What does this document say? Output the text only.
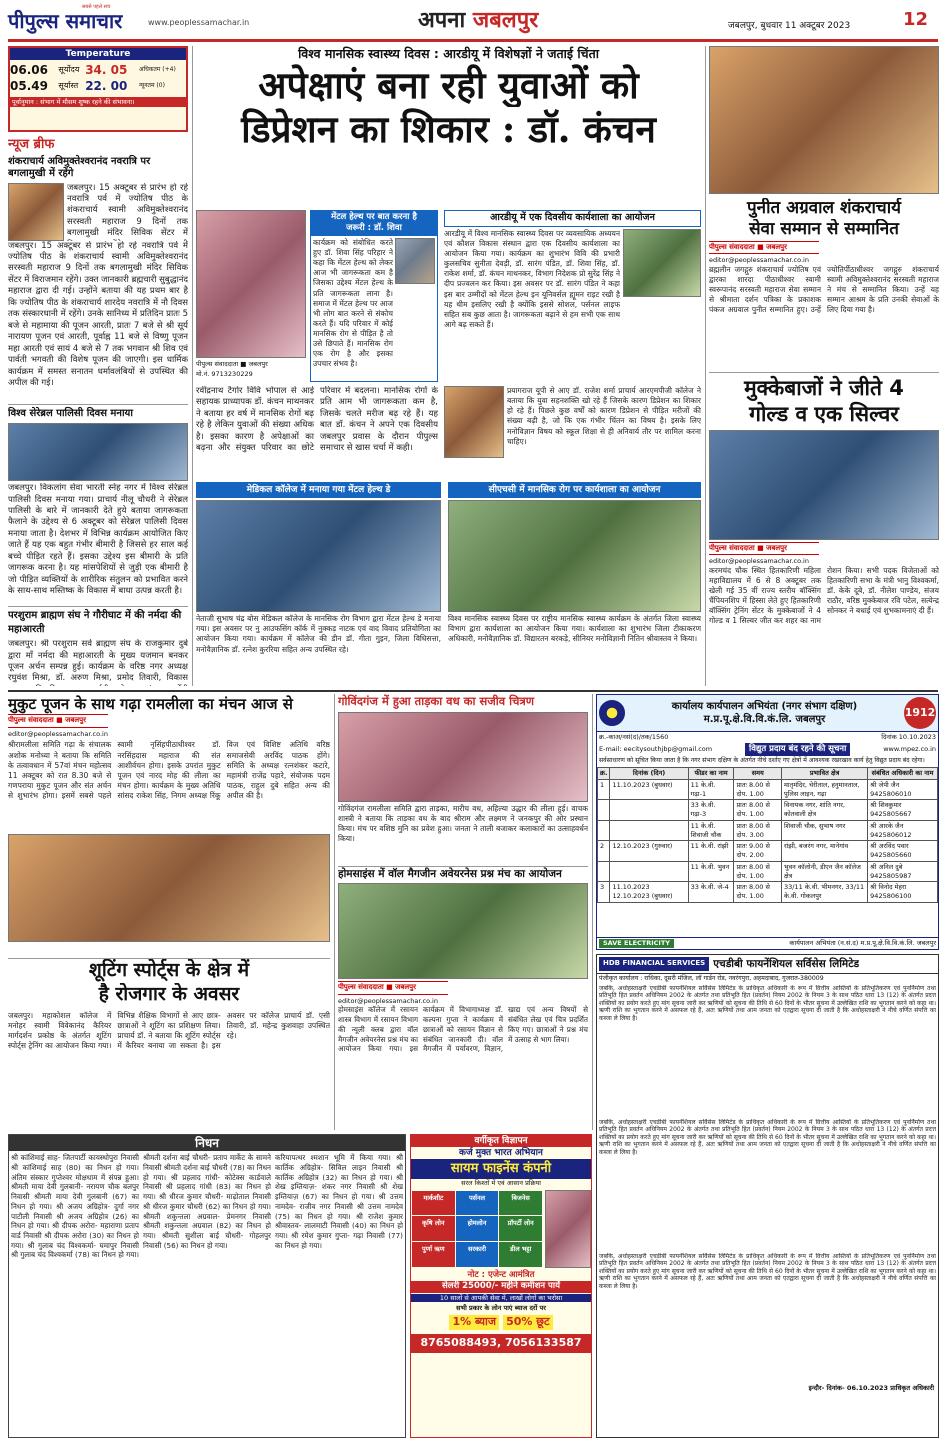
पीपुल्स समाचार
सबसे पहले सच
www.peoplessamachar.in	अपना जबलपुर	जबलपुर, बुधवार 11 अक्टूबर 2023	12
Temperature
06.06	सूर्योदय	34. 05	अधिकतम (+4)
05.49	सूर्यास्त	22. 00	न्यूनतम (0)
पूर्वानुमान : संभाग में मौसम शुष्क रहने की संभावना।
न्यूज ब्रीफ
शंकराचार्य अविमुक्तेश्वरानंद नवरात्रि पर बगलामुखी में रहेंगे
जबलपुर। 15 अक्टूबर से प्रारंभ हो रहे नवरात्रि पर्व में ज्योतिष पीठ के शंकराचार्य स्वामी अविमुक्तेश्वरानंद सरस्वती महाराज 9 दिनों तक बगलामुखी मंदिर सिविक सेंटर में
जबलपुर। 15 अक्टूबर से प्रारंभ हो रहे नवरात्रि पर्व में ज्योतिष पीठ के शंकराचार्य स्वामी अविमुक्तेश्वरानंद सरस्वती महाराज 9 दिनों तक बगलामुखी मंदिर सिविक सेंटर में विराजमान रहेंगे। उक्त जानकारी ब्रह्मचारी सुबुद्धानंद महाराज द्वारा दी गई। उन्होंने बताया की यह प्रथम बार है कि ज्योतिष पीठ के शंकराचार्य शारदेय नवरात्रि में नौ दिवस तक संस्कारधानी में रहेंगे। उनके सानिध्य में प्रतिदिन प्रातः 5 बजे से महामाया की पूजन आरती, प्रातः 7 बजे से श्री सूर्य नारायण पूजन एवं आरती, पूर्वाह्न 11 बजे से विष्णु पूजन महा आरती एवं सायं 4 बजे से 7 तक भगवान श्री शिव एवं पार्वती भगवती की विशेष पूजन की जाएगी। इस धार्मिक कार्यक्रम में समस्त सनातन धर्मावलंबियों से उपस्थित की अपील की गई।
विश्व सेरेब्रल पालिसी दिवस मनाया
जबलपुर। विकलांग सेवा भारती स्नेह नगर में विश्व सेरेब्रल पालिसी दिवस मनाया गया। प्राचार्य नीलू चौधरी ने सेरेब्रल पालिसी के बारे में जानकारी देते हुये बताया जागरूकता फैलाने के उद्देश्य से 6 अक्टूबर को सेरेब्रल पालिसी दिवस मनाया जाता है। देशभर में विभिन्न कार्यक्रम आयोजित किए जाते हैं यह एक बहुत गंभीर बीमारी है जिससे हर साल कई बच्चे पीड़ित रहते हैं। इसका उद्देश्य इस बीमारी के प्रति जागरूक करना है। यह मांसपेशियों से जुड़ी एक बीमारी है जो पीड़ित व्यक्तियों के शारीरिक संतुलन को प्रभावित करने के साथ-साथ मस्तिष्क के विकास में बाधा उत्पन्न करती है।
परशुराम ब्राह्मण संघ ने गौरीघाट में की नर्मदा की महाआरती
जबलपुर। श्री परशुराम सर्व ब्राह्मण संघ के राजकुमार दुबे द्वारा माँ नर्मदा की महाआरती के मुख्य यजमान बनकर पूजन अर्चन सम्पन्न हुई। कार्यक्रम के वरिष्ठ नगर अध्यक्ष रघुवंश मिश्रा, डॉ. अरुण मिश्रा, प्रमोद तिवारी, विकास
विश्व मानसिक स्वास्थ्य दिवस : आरडीयू में विशेषज्ञों ने जताई चिंता
अपेक्षाएं बना रही युवाओं को
डिप्रेशन का शिकार : डॉ. कंचन
पीपुल्स संवाददाता ■ जबलपुर
मो.नं. 9713230229
मेंटल हेल्थ पर बात करना है
जरूरी : डॉ. शिवा
कार्यक्रम को संबोधित करते हुए डॉ. शिवा सिंह परिहार ने कहा कि मेंटल हेल्थ को लेकर आज भी जागरूकता कम है जिसका उद्देश्य मेंटल हेल्थ के प्रति जागरूकता लाना है। समाज में मेंटल हेल्थ पर आज भी लोग बात करने से संकोच करते हैं। यदि परिवार में कोई मानसिक रोग से पीड़ित है तो उसे छिपाते हैं। मानसिक रोग एक रोग है और इसका उपचार संभव है।
रवींद्रनाथ टैगोर विवि भोपाल से आई सहायक प्राध्यापक डॉ. कंचन माथनकर ने बताया हर वर्ष में मानसिक रोगों बढ़ रहे है लेकिन युवाओं की संख्या अधिक है। इसका कारण है अपेक्षाओं का बढ़ना और संयुक्त परिवार का छोटे परिवार में बदलना। मानसिक रोगों के प्रति आम भी जागरूकता कम है, जिसके चलते मरीज बढ़ रहे हैं। यह बात डॉ. कंचन ने अपने एक दिवसीय जबलपुर प्रवास के दौरान पीपुल्स समाचार से खास चर्चा में कही।
आरडीयू में एक दिवसीय कार्यशाला का आयोजन
आरडीयू में विश्व मानसिक स्वास्थ्य दिवस पर व्यवसायिक अध्ययन एवं कौशल विकास संस्थान द्वारा एक दिवसीय कार्यशाला का आयोजन किया गया। कार्यक्रम का शुभारंभ विवि की प्रभारी कुलसचिव सुनीता देवड़ी, डॉ. सारंग पंडित, डॉ. शिवा सिंह, डॉ. राकेश शर्मा, डॉ. कंचन माथनकर, विभाग निदेशक प्रो सुरेंद्र सिंह ने दीप प्रज्वलन कर किया। इस अवसर पर डॉ. सारंग पंडित ने कहा इस बार उम्मीदों को मेंटल हेल्थ इन यूनिवर्सल ह्यूमन राइट रखी है यह थीम इसलिए रखी है क्योंकि इससे सोशल, पर्सनल लाइफ सहित सब कुछ आता है। जागरूकता बढ़ाने से हम सभी एक साथ आगे बढ़ सकते हैं।
प्रयागराज यूपी से आए डॉ. राजेश शर्मा प्राचार्य आरएमपीजी कॉलेज ने बताया कि युवा सहनशक्ति खो रहे हैं जिसके कारण डिप्रेशन का शिकार हो रहे हैं। पिछले कुछ वर्षों को कारण डिप्रेशन से पीड़ित मरीजों की संख्या बढ़ी है, जो कि एक गंभीर चिंतन का विषय है। इसके लिए मनोविज्ञान विषय को स्कूल शिक्षा से ही अनिवार्य तौर पर शामिल करना चाहिए।
मेडिकल कॉलेज में मनाया गया मेंटल हेल्थ डे
नेताजी सुभाष चंद्र बोस मेडिकल कॉलेज के मानसिक रोग विभाग द्वारा मेंटल हेल्थ डे मनाया गया। इस अवसर पर नु आउफसिंग कॉर्क में नुक्कड़ नाटक एवं वाद विवाद प्रतियोगिता का आयोजन किया गया। कार्यक्रम में कॉलेज की डीन डॉ. गीता गुइन, जिला विधिसत्ता, मनोवैज्ञानिक डॉ. रत्नेश कुररिया सहित अन्य उपस्थित रहे।
सीएचसी में मानसिक रोग पर कार्यशाला का आयोजन
विश्व मानसिक स्वास्थ्य दिवस पर राष्ट्रीय मानसिक स्वास्थ्य कार्यक्रम के अंतर्गत जिला स्वास्थ्य विभाग द्वारा कार्यशाला का आयोजन किया गया। कार्यशाला का शुभारंभ जिला टीकाकरण अधिकारी, मनोवैज्ञानिक डॉ. विद्यारतन बरकड़े, सीनियर मनोविज्ञानी नितिन श्रीवास्तव ने किया।
पुनीत अग्रवाल शंकराचार्य
सेवा सम्मान से सम्मानित
पीपुल्स संवाददाता ■ जबलपुर
editor@peoplessamachar.co.in
ब्रह्मलीन जगद्गुरु शंकराचार्य ज्योतिष एवं द्वारका शारदा पीठाधीश्वर स्वामी स्वरूपानंद सरस्वती महाराज सेवा सम्मान से श्रीमाता दर्शन पत्रिका के प्रकाशक पंकज अग्रवाल पुनीत सम्मानित हुए। उन्हें ज्योतिर्पीठाधीश्वर जगद्गुरु शंकराचार्य स्वामी अविमुक्तेश्वरानंद सरस्वती महाराज ने मंच से सम्मानित किया। उन्हें यह सम्मान आश्रम के प्रति उनकी सेवाओं के लिए दिया गया है।
मुक्केबाजों ने जीते 4
गोल्ड व एक सिल्वर
पीपुल्स संवाददाता ■ जबलपुर
editor@peoplessamachar.co.in
करमचंद चौक स्थित हितकारिणी महिला महाविद्यालय में 6 से 8 अक्टूबर तक खेली गई 35 वीं राज्य स्तरीय बॉक्सिंग चैंपियनशिप में हिस्सा लेते हुए हितकारिणी बॉक्सिंग ट्रेनिंग सेंटर के मुक्केबाजों ने 4 गोल्ड व 1 सिल्वर जीत कर शहर का नाम रोशन किया। सभी पदक विजेताओं को हितकारिणी सभा के मंत्री भानु विश्वकर्मा, डॉ. केके दूबे, डॉ. नीलेश पाण्डेय, संजय राठौर, वरिष्ठ मुक्केबाज रवि पटेल, सत्येन्द्र सोनकर ने बधाई एवं शुभकामनाएं दी हैं।
मुकुट पूजन के साथ गढ़ा रामलीला का मंचन आज से
पीपुल्स संवाददाता ■ जबलपुर
editor@peoplessamachar.co.in
श्रीरामलीला समिति गढ़ा के संचालक अशोक मनोध्या ने बताया कि समिति के तत्वावधान में 57वां मंचन महोत्सव 11 अक्टूबर को रात 8.30 बजे से गणपराया मुकुट पूजन और संत अर्चन से शुभारंभ होगा। इसमें सबसे पहले स्वामी नृसिंहपीठाधीश्वर डॉ. नरसिंहदास महाराज की संत आशीर्वचन होगा। इसके उपरांत मुकुट पूजन एवं नारद मोह की लीला का मंचन होगा। कार्यक्रम के मुख्य अतिथि सांसद राकेश सिंह, निगम अध्यक्ष रिंकू विज एवं विशिष्ट अतिथि वरिष्ठ समाजसेवी अरविंद पाठक होंगे। समिति के अध्यक्ष रत्नशंकर कटारे, महामंत्री राजेंद्र पहारे, संयोजक पदम पाठक, राहुल दुबे सहित अन्य की अपील की है।
शूटिंग स्पोर्ट्स के क्षेत्र में
है रोजगार के अवसर
जबलपुर। महाकोशल कॉलेज में मनोहर स्वामी विवेकानंद कैरियर मार्गदर्शन प्रकोष्ठ के अंतर्गत शूटिंग स्पोर्ट्स ट्रेनिंग का आयोजन किया गया। विभिन्न शैक्षिक विभागों से आए छात्र-छात्राओं ने शूटिंग का प्रशिक्षण लिया। प्राचार्य डॉ. ने बताया कि शूटिंग स्पोर्ट्स में कैरियर बनाया जा सकता है। इस अवसर पर कॉलेज प्राचार्य डॉ. एसी तिवारी, डॉ. महेन्द्र कुशवाहा उपस्थित रहे।
गोविंदगंज में हुआ ताड़का वध का सजीव चित्रण
गोविंदगंज रामलीला समिति द्वारा ताड़का, मारीच वध, अहिल्या उद्धार की लीला हुई। वाचक शास्त्री ने बताया कि ताड़का वध के बाद श्रीराम और लक्ष्मण ने जनकपुर की ओर प्रस्थान किया। मंच पर वशिष्ठ मुनि का प्रवेश हुआ। जनता ने ताली बजाकर कलाकारों का उत्साहवर्धन किया।
होमसाइंस में वॉल मैगजीन अवेयरनेस प्रश्न मंच का आयोजन
पीपुल्स संवाददाता ■ जबलपुर
editor@peoplessamachar.co.in
होमसाइंस कॉलेज में रसायन शास्त्र विभाग में रसायन विभाग की न्यूली क्लब द्वारा वॉल मैगजीन अवेयरनेस प्रश्न मंच का आयोजन किया गया। इस कार्यक्रम में विभागाध्यक्ष डॉ. कल्पना गुप्ता ने कार्यक्रम में छात्राओं को रसायन विज्ञान से संबंधित जानकारी दी। वॉल मैगजीन में पर्यावरण, विज्ञान, खाद्य एवं अन्य विषयों से संबंधित लेख एवं चित्र प्रदर्शित किए गए। छात्राओं ने प्रश्न मंच में उत्साह से भाग लिया।
कार्यालय कार्यपालन अभियंता (नगर संभाग दक्षिण)
म.प्र.पू.क्षे.वि.वि.कं.लि. जबलपुर
1912
क्र.-काअ/नसं(द)/तक/1560	दिनांक 10.10.2023
E-mail: eecitysouthjbp@gmail.com	विद्युत प्रदाय बंद रहने की सूचना	www.mpez.co.in
सर्वसाधारण को सूचित किया जाता है कि नगर संभाग दक्षिण के अंतर्गत नीचे दर्शाए गए क्षेत्रों में आवश्यक रखरखाव कार्य हेतु विद्युत प्रदाय बंद रहेगा।
क्र.	दिनांक (दिन)	फीडर का नाम	समय	प्रभावित क्षेत्र	संबंधित अधिकारी का नाम
1	11.10.2023 (बुधवार)	11 के.वी. गढ़ा-1	प्रातः 8.00 से दोप. 1.00	मातृमंदिर, चेरीताल, हनुमानताल, पुलिस लाइन, गढ़ा	श्री जेपी जैन 9425806010
		33 के.वी. गढ़ा-3	प्रातः 8.00 से दोप. 1.00	विनायक नगर, शांति नगर, कोतवाली क्षेत्र	श्री शिवकुमार 9425805667
		11 के.वी. शिवाजी चौक	प्रातः 8.00 से दोप. 3.00	शिवाजी चौक, सुभाष नगर	श्री आरके जैन 9425806012
2	12.10.2023 (गुरुवार)	11 के.वी. रांझी	प्रातः 9.00 से दोप. 2.00	रांझी, बजरंग नगर, मानेगांव	श्री अरविंद पवार 9425805660
		11 के.वी. भुवन	प्रातः 8.00 से दोप. 1.00	भुवन कॉलोनी, डीएन जैन कॉलेज क्षेत्र	श्री अनिल दुबे 9425805987
3	11.10.2023 12.10.2023 (बुधवार)	33 के.वी. जे-4	प्रातः 8.00 से दोप. 1.00	33/11 के.वी. भीमनगर, 33/11 के.वी. गोकलपुर	श्री विनोद मेहरा 9425806100
SAVE ELECTRICITY	कार्यपालन अभियंता (न.सं.द) म.प्र.पू.क्षे.वि.वि.कं.लि. जबलपुर
HDB FINANCIAL SERVICES एचडीबी फायनेंशियल सर्विसेस लिमिटेड
पंजीकृत कार्यालय : राधिका, दूसरी मंजिल, लॉ गार्डन रोड, नवरंगपुरा, अहमदाबाद, गुजरात-380009
जबकि, अधोहस्ताक्षरी एचडीबी फायनेंशियल सर्विसेस लिमिटेड के प्राधिकृत अधिकारी के रूप में वित्तीय आस्तियों के प्रतिभूतिकरण एवं पुनर्निर्माण तथा प्रतिभूति हित प्रवर्तन अधिनियम 2002 के अंतर्गत तथा प्रतिभूति हित (प्रवर्तन) नियम 2002 के नियम 3 के साथ पठित धारा 13 (12) के अंतर्गत प्रदत्त शक्तियों का प्रयोग करते हुए मांग सूचना जारी कर ऋणियों को सूचना की तिथि से 60 दिनों के भीतर सूचना में उल्लेखित राशि का भुगतान करने को कहा था। ऋणी राशि का भुगतान करने में असफल रहे हैं, अतः ऋणियों तथा आम जनता को एतद्वारा सूचना दी जाती है कि अधोहस्ताक्षरी ने नीचे वर्णित संपत्ति का कब्जा ले लिया है।
जबकि, अधोहस्ताक्षरी एचडीबी फायनेंशियल सर्विसेस लिमिटेड के प्राधिकृत अधिकारी के रूप में वित्तीय आस्तियों के प्रतिभूतिकरण एवं पुनर्निर्माण तथा प्रतिभूति हित प्रवर्तन अधिनियम 2002 के अंतर्गत तथा प्रतिभूति हित (प्रवर्तन) नियम 2002 के नियम 3 के साथ पठित धारा 13 (12) के अंतर्गत प्रदत्त शक्तियों का प्रयोग करते हुए मांग सूचना जारी कर ऋणियों को सूचना की तिथि से 60 दिनों के भीतर सूचना में उल्लेखित राशि का भुगतान करने को कहा था। ऋणी राशि का भुगतान करने में असफल रहे हैं, अतः ऋणियों तथा आम जनता को एतद्वारा सूचना दी जाती है कि अधोहस्ताक्षरी ने नीचे वर्णित संपत्ति का कब्जा ले लिया है।
जबकि, अधोहस्ताक्षरी एचडीबी फायनेंशियल सर्विसेस लिमिटेड के प्राधिकृत अधिकारी के रूप में वित्तीय आस्तियों के प्रतिभूतिकरण एवं पुनर्निर्माण तथा प्रतिभूति हित प्रवर्तन अधिनियम 2002 के अंतर्गत तथा प्रतिभूति हित (प्रवर्तन) नियम 2002 के नियम 3 के साथ पठित धारा 13 (12) के अंतर्गत प्रदत्त शक्तियों का प्रयोग करते हुए मांग सूचना जारी कर ऋणियों को सूचना की तिथि से 60 दिनों के भीतर सूचना में उल्लेखित राशि का भुगतान करने को कहा था। ऋणी राशि का भुगतान करने में असफल रहे हैं, अतः ऋणियों तथा आम जनता को एतद्वारा सूचना दी जाती है कि अधोहस्ताक्षरी ने नीचे वर्णित संपत्ति का कब्जा ले लिया है।
इन्दौर- दिनांक- 06.10.2023 प्राधिकृत अधिकारी
निधन
श्री कांशिमाई साह- जितपार्टी कायस्थोपुरा निवासी श्री कांशिमाई साह (80) का निधन हो गया। अंतिम संस्कार गुप्तेश्वर मोक्षधाम में संपन्न हुआ। श्रीमती माया देवी गुलबानी- नरायण चौक बलपुर निवासी श्रीमती माया देवी गुलबानी (67) का निधन हो गया। श्री अजय अग्रिहोत्र- दुर्गा नगर पाटौली निवासी श्री अजय अग्रिहोत्र (26) का निधन हो गया। श्री दीपक अरोरा- महाराणा प्रताप वार्ड निवासी श्री दीपक अरोरा (30) का निधन हो गया। श्री गुलाब चंद विश्वकर्मा- घमापुर निवासी श्री गुलाब चंद विश्वकर्मा (78) का निधन हो गया।
श्रीमती दर्शना बाई चौधरी- प्रताप मार्केट के सामने निवासी श्रीमती दर्शना बाई चौधरी (78) का निधन हो गया। श्री प्रहलाद गांधी- कोटेक्स कार्डवाले निवासी श्री प्रहलाद गांधी (83) का निधन हो गया। श्री धीरज कुमार चौधरी- माढ़ोताल निवासी श्री धीरज कुमार चौधरी (62) का निधन हो गया। श्रीमती शकुन्तला अग्रवाल- प्रेमनगर निवासी श्रीमती शकुन्तला अग्रवाल (82) का निधन हो गया। श्रीमती सुशीला बाई चौधरी- गोहलपुर निवासी (56) का निधन हो गया।
करियापत्थर श्मशान भूमि में किया गया। श्री कार्तिक अग्रिहोत्र- सिविल लाइन निवासी श्री कार्तिक अग्रिहोत्र (32) का निधन हो गया। श्री शेख इम्तियाज़- शंकर नगर निवासी श्री शेख इम्तियाज़ (67) का निधन हो गया। श्री उत्तम नामदेव- राजीव नगर निवासी श्री उत्तम नामदेव (75) का निधन हो गया। श्री राजेश कुमार श्रीवास्तव- लालमाटी निवासी (40) का निधन हो गया। श्री रमेश कुमार गुप्ता- गढ़ा निवासी (77) का निधन हो गया।
वर्गीकृत विज्ञापन
कर्ज मुक्त भारत अभियान
सायम फाइनेंस कंपनी
सरल किश्तों में एवं आसान प्रक्रिया
मार्कशीट	पर्सनल	बिजनेस
कृषि लोन	होमलोन	प्रॉपर्टी लोन
पुर्णा ऋण	सरकारी	डील भट्टा
नोट : एजेन्ट आमंत्रित
सेलरी 25000/- महीने कमीशन पायें
10 सालों से आपकी सेवा में, लाखों लोगों का भरोसा
सभी प्रकार के लोन पाएं ब्याज दरों पर
1% ब्याज 50% छूट
8765088493, 7056133587
